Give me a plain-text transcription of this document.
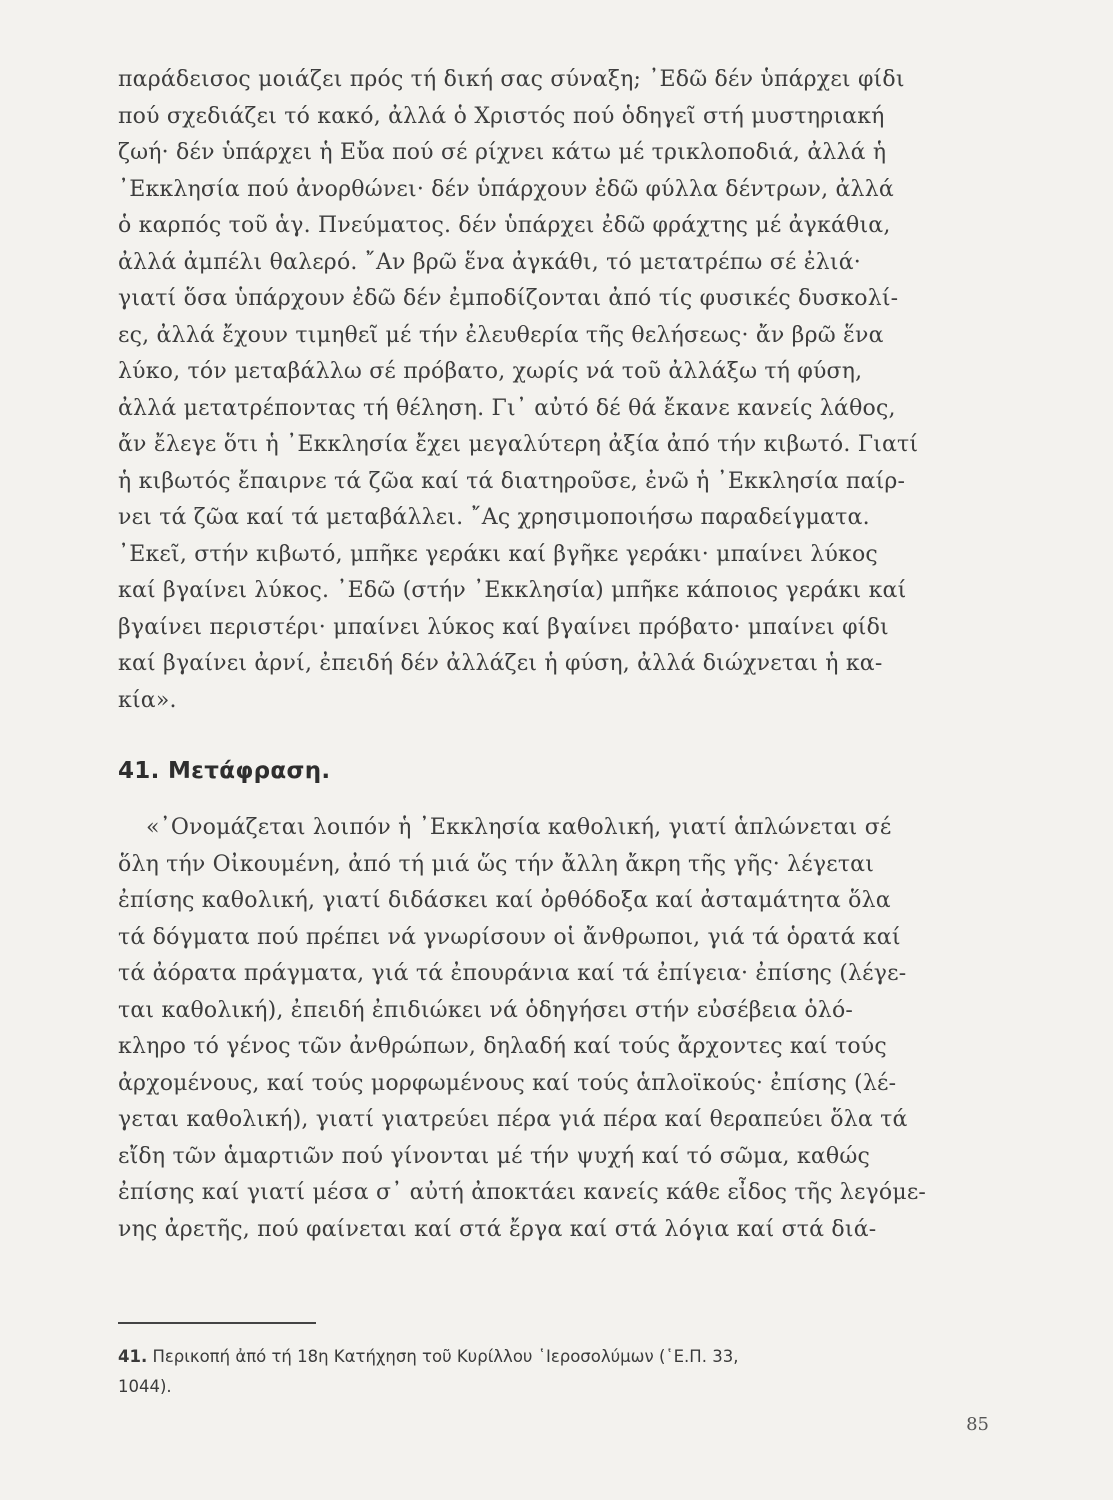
παράδεισος μοιάζει πρός τή δική σας σύναξη; ᾿Εδῶ δέν ὑπάρχει φίδι
πού σχεδιάζει τό κακό, ἀλλά ὁ Χριστός πού ὁδηγεῖ στή μυστηριακή
ζωή· δέν ὑπάρχει ἡ Εὔα πού σέ ρίχνει κάτω μέ τρικλοποδιά, ἀλλά ἡ
᾿Εκκλησία πού ἀνορθώνει· δέν ὑπάρχουν ἐδῶ φύλλα δέντρων, ἀλλά
ὁ καρπός τοῦ ἁγ. Πνεύματος. δέν ὑπάρχει ἐδῶ φράχτης μέ ἀγκάθια,
ἀλλά ἀμπέλι θαλερό. ῎Αν βρῶ ἕνα ἀγκάθι, τό μετατρέπω σέ ἐλιά·
γιατί ὅσα ὑπάρχουν ἐδῶ δέν ἐμποδίζονται ἀπό τίς φυσικές δυσκολί-
ες, ἀλλά ἔχουν τιμηθεῖ μέ τήν ἐλευθερία τῆς θελήσεως· ἄν βρῶ ἕνα
λύκο, τόν μεταβάλλω σέ πρόβατο, χωρίς νά τοῦ ἀλλάξω τή φύση,
ἀλλά μετατρέποντας τή θέληση. Γι᾿ αὐτό δέ θά ἔκανε κανείς λάθος,
ἄν ἔλεγε ὅτι ἡ ᾿Εκκλησία ἔχει μεγαλύτερη ἀξία ἀπό τήν κιβωτό. Γιατί
ἡ κιβωτός ἔπαιρνε τά ζῶα καί τά διατηροῦσε, ἐνῶ ἡ ᾿Εκκλησία παίρ-
νει τά ζῶα καί τά μεταβάλλει. ῎Ας χρησιμοποιήσω παραδείγματα.
᾿Εκεῖ, στήν κιβωτό, μπῆκε γεράκι καί βγῆκε γεράκι· μπαίνει λύκος
καί βγαίνει λύκος. ᾿Εδῶ (στήν ᾿Εκκλησία) μπῆκε κάποιος γεράκι καί
βγαίνει περιστέρι· μπαίνει λύκος καί βγαίνει πρόβατο· μπαίνει φίδι
καί βγαίνει ἀρνί, ἐπειδή δέν ἀλλάζει ἡ φύση, ἀλλά διώχνεται ἡ κα-
κία».
41. Μετάφραση.
«᾿Ονομάζεται λοιπόν ἡ ᾿Εκκλησία καθολική, γιατί ἁπλώνεται σέ
ὅλη τήν Οἰκουμένη, ἀπό τή μιά ὥς τήν ἄλλη ἄκρη τῆς γῆς· λέγεται
ἐπίσης καθολική, γιατί διδάσκει καί ὀρθόδοξα καί ἀσταμάτητα ὅλα
τά δόγματα πού πρέπει νά γνωρίσουν οἱ ἄνθρωποι, γιά τά ὁρατά καί
τά ἀόρατα πράγματα, γιά τά ἐπουράνια καί τά ἐπίγεια· ἐπίσης (λέγε-
ται καθολική), ἐπειδή ἐπιδιώκει νά ὁδηγήσει στήν εὐσέβεια ὁλό-
κληρο τό γένος τῶν ἀνθρώπων, δηλαδή καί τούς ἄρχοντες καί τούς
ἀρχομένους, καί τούς μορφωμένους καί τούς ἁπλοϊκούς· ἐπίσης (λέ-
γεται καθολική), γιατί γιατρεύει πέρα γιά πέρα καί θεραπεύει ὅλα τά
εἴδη τῶν ἁμαρτιῶν πού γίνονται μέ τήν ψυχή καί τό σῶμα, καθώς
ἐπίσης καί γιατί μέσα σ᾿ αὐτή ἀποκτάει κανείς κάθε εἶδος τῆς λεγόμε-
νης ἀρετῆς, πού φαίνεται καί στά ἔργα καί στά λόγια καί στά διά-
41. Περικοπή ἀπό τή 18η Κατήχηση τοῦ Κυρίλλου ῾Ιεροσολύμων (῾Ε.Π. 33,
1044).
85
